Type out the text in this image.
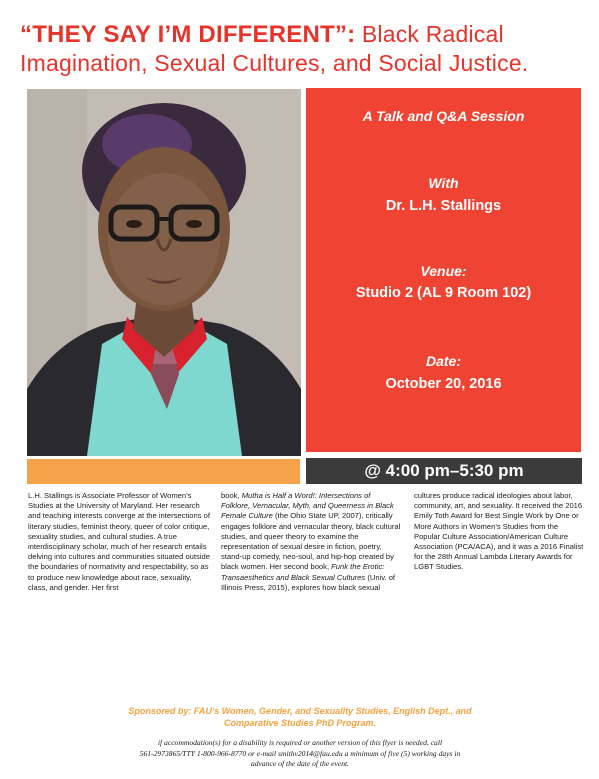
“THEY SAY I’M DIFFERENT”: Black Radical
Imagination, Sexual Cultures, and Social Justice.
A Talk and Q&A Session
With
Dr. L.H. Stallings
Venue:
Studio 2 (AL 9 Room 102)
Date:
October 20, 2016
@ 4:00 pm–5:30 pm
L.H. Stallings is Associate Professor of Women’s Studies at the University of Maryland. Her research and teaching interests converge at the intersections of literary studies, feminist theory, queer of color critique, sexuality studies, and cultural studies. A true interdisciplinary scholar, much of her research entails delving into cultures and communities situated outside the boundaries of normativity and respectability, so as to produce new knowledge about race, sexuality, class, and gender. Her first
book, Mutha is Half a Word!: Intersections of Folklore, Vernacular, Myth, and Queerness in Black Female Culture (the Ohio State UP, 2007), critically engages folklore and vernacular theory, black cultural studies, and queer theory to examine the representation of sexual desire in fiction, poetry, stand-up comedy, neo-soul, and hip-hop created by black women. Her second book, Funk the Erotic: Transaesthetics and Black Sexual Cultures (Univ. of Illinois Press, 2015), explores how black sexual
cultures produce radical ideologies about labor, community, art, and sexuality. It received the 2016 Emily Toth Award for Best Single Work by One or More Authors in Women’s Studies from the Popular Culture Association/American Culture Association (PCA/ACA), and it was a 2016 Finalist for the 28th Annual Lambda Literary Awards for LGBT Studies.
Sponsored by: FAU’s Women, Gender, and Sexuality Studies, English Dept., and
Comparative Studies PhD Program.
if accommodation(s) for a disability is required or another version of this flyer is needed, call
561-2973865/TTY 1-800-966-8770 or e-mail smithv2014@fau.edu a minimum of five (5) working days in
advance of the date of the event.
